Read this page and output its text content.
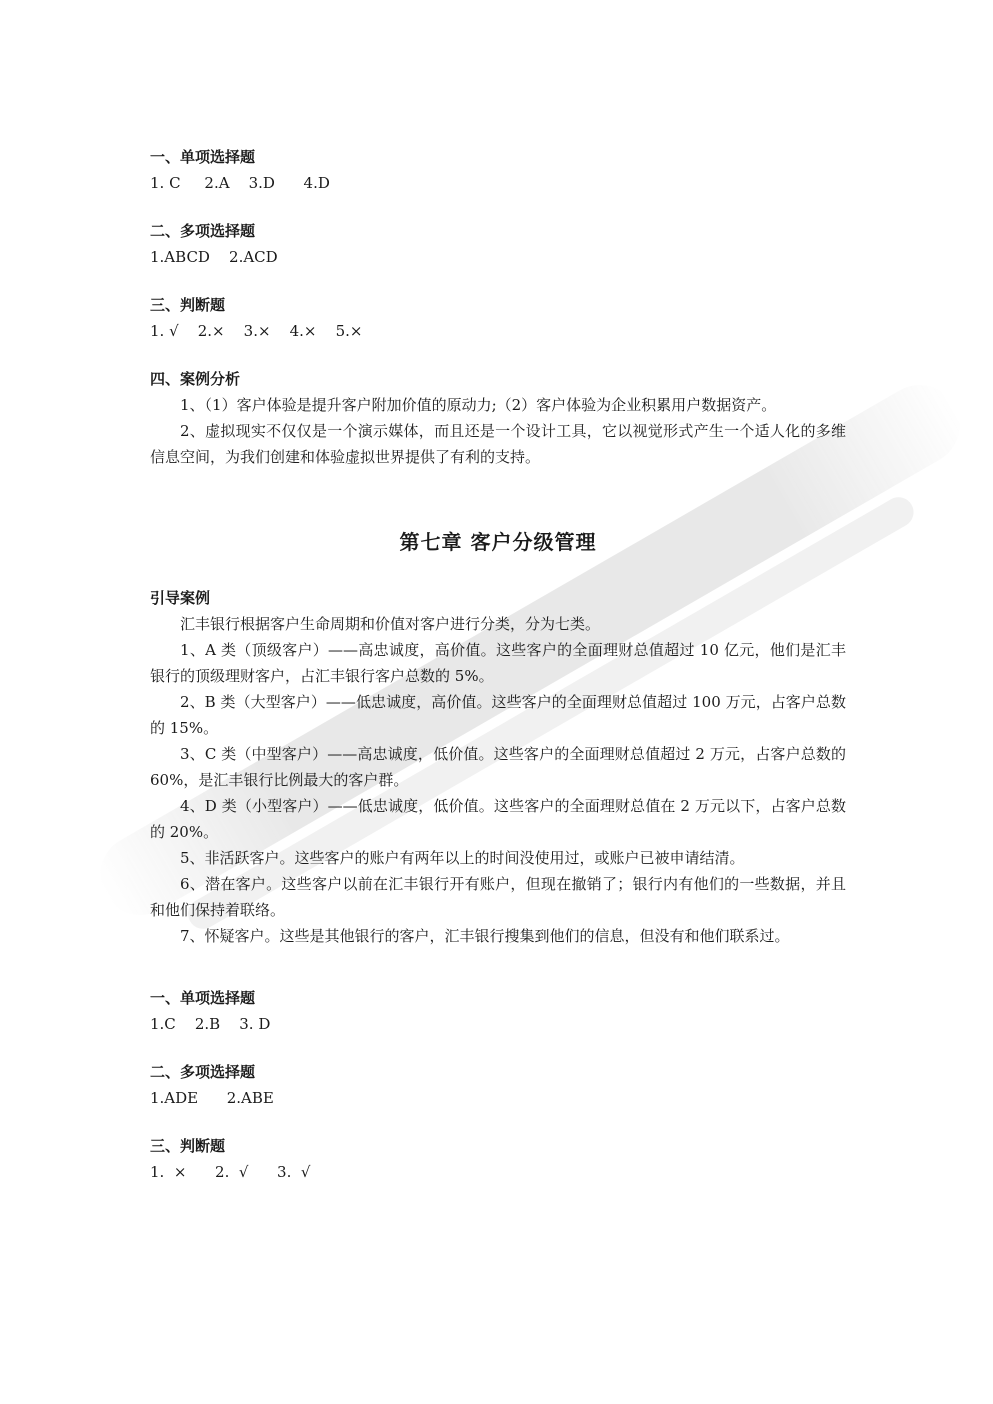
一、单项选择题
1. C     2.A    3.D      4.D
二、多项选择题
1.ABCD    2.ACD
三、判断题
1. √    2.×    3.×    4.×    5.×
四、案例分析
1、（1）客户体验是提升客户附加价值的原动力;（2）客户体验为企业积累用户数据资产。
2、虚拟现实不仅仅是一个演示媒体，而且还是一个设计工具，它以视觉形式产生一个适人化的多维信息空间，为我们创建和体验虚拟世界提供了有利的支持。
第七章 客户分级管理
引导案例
汇丰银行根据客户生命周期和价值对客户进行分类，分为七类。
1、A 类（顶级客户）——高忠诚度，高价值。这些客户的全面理财总值超过 10 亿元，他们是汇丰银行的顶级理财客户，占汇丰银行客户总数的 5%。
2、B 类（大型客户）——低忠诚度，高价值。这些客户的全面理财总值超过 100 万元，占客户总数的 15%。
3、C 类（中型客户）——高忠诚度，低价值。这些客户的全面理财总值超过 2 万元，占客户总数的 60%，是汇丰银行比例最大的客户群。
4、D 类（小型客户）——低忠诚度，低价值。这些客户的全面理财总值在 2 万元以下，占客户总数的 20%。
5、非活跃客户。这些客户的账户有两年以上的时间没使用过，或账户已被申请结清。
6、潜在客户。这些客户以前在汇丰银行开有账户，但现在撤销了；银行内有他们的一些数据，并且和他们保持着联络。
7、怀疑客户。这些是其他银行的客户，汇丰银行搜集到他们的信息，但没有和他们联系过。
一、单项选择题
1.C    2.B    3. D
二、多项选择题
1.ADE      2.ABE
三、判断题
1.  ×      2.  √      3.  √
